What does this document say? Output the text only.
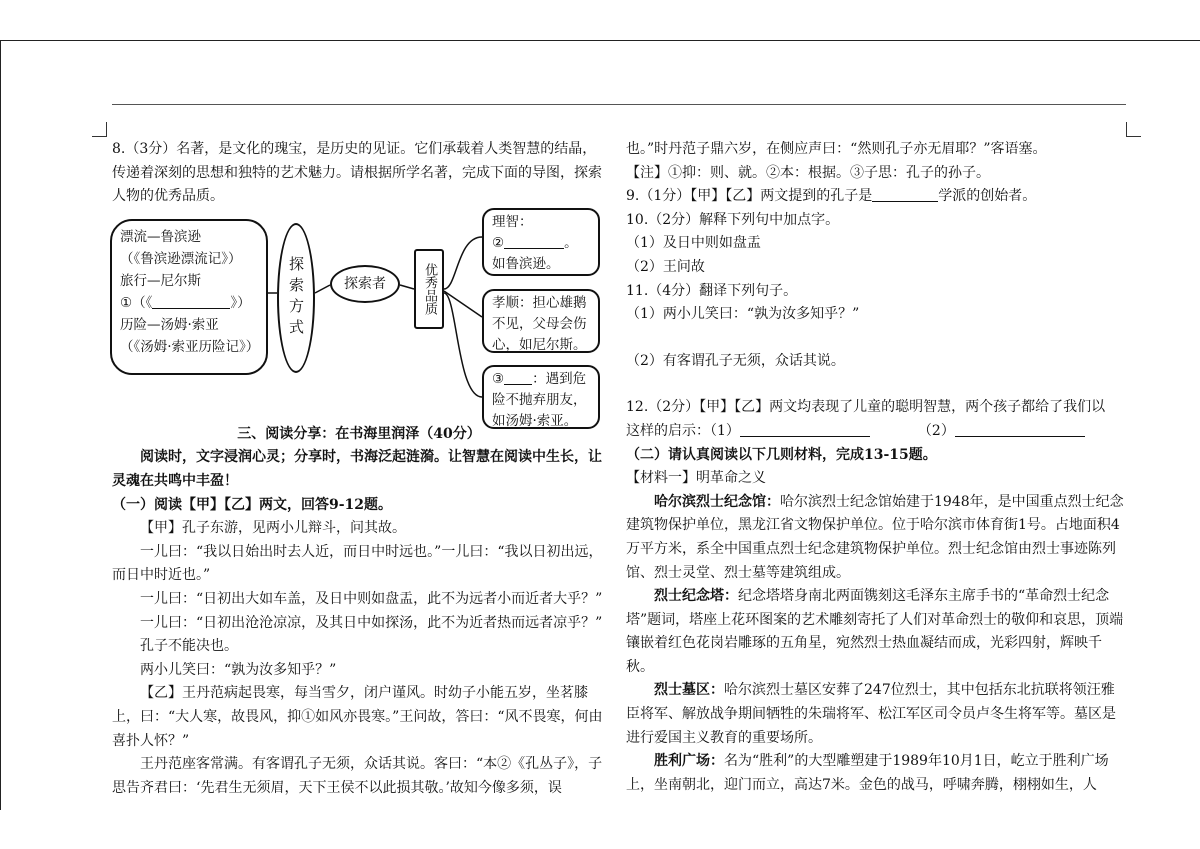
8.（3分）名著，是文化的瑰宝，是历史的见证。它们承载着人类智慧的结晶，传递着深刻的思想和独特的艺术魅力。请根据所学名著，完成下面的导图，探索人物的优秀品质。

漂流—鲁滨逊
（《鲁滨逊漂流记》）
旅行—尼尔斯
①（《	》）
历险—汤姆·索亚
（《汤姆·索亚历险记》）
探索方式	探索者	优秀品质
理智：
②	。
如鲁滨逊。
孝顺：担心雄鹅不见，父母会伤心，如尼尔斯。
③ ：遇到危险不抛弃朋友，如汤姆·索亚。

三、阅读分享：在书海里润泽（40分）

阅读时，文字浸润心灵；分享时，书海泛起涟漪。让智慧在阅读中生长，让灵魂在共鸣中丰盈！

（一）阅读【甲】【乙】两文，回答9-12题。

【甲】孔子东游，见两小儿辩斗，问其故。

一儿曰：“我以日始出时去人近，而日中时远也。”一儿曰：“我以日初出远，而日中时近也。”

一儿曰：“日初出大如车盖，及日中则如盘盂，此不为远者小而近者大乎？”

一儿曰：“日初出沧沧凉凉，及其日中如探汤，此不为近者热而远者凉乎？”

孔子不能决也。

两小儿笑曰：“孰为汝多知乎？”

【乙】王丹范病起畏寒，每当雪夕，闭户谨风。时幼子小能五岁，坐茗膝上，曰：“大人寒，故畏风，抑①如风亦畏寒。”王问故，答曰：“风不畏寒，何由喜扑人怀？”

王丹范座客常满。有客谓孔子无须，众话其说。客曰：“本②《孔丛子》，子思告齐君曰：‘先君生无须眉，天下王侯不以此损其敬。’故知今像多须，误

也。”时丹范子鼎六岁，在侧应声曰：“然则孔子亦无眉耶？”客语塞。

【注】①抑：则、就。②本：根据。③子思：孔子的孙子。

9.（1分）【甲】【乙】两文提到的孔子是	学派的创始者。

10.（2分）解释下列句中加点字。

（1）及日中则如盘盂

（2）王问故

11.（4分）翻译下列句子。

（1）两小儿笑曰：“孰为汝多知乎？”

（2）有客谓孔子无须，众话其说。

12.（2分）【甲】【乙】两文均表现了儿童的聪明智慧，两个孩子都给了我们以

这样的启示：（1）	（2）

（二）请认真阅读以下几则材料，完成13-15题。

【材料一】明革命之义

哈尔滨烈士纪念馆：哈尔滨烈士纪念馆始建于1948年，是中国重点烈士纪念建筑物保护单位，黑龙江省文物保护单位。位于哈尔滨市体育街1号。占地面积4万平方米，系全中国重点烈士纪念建筑物保护单位。烈士纪念馆由烈士事迹陈列馆、烈士灵堂、烈士墓等建筑组成。

烈士纪念塔：纪念塔塔身南北两面镌刻这毛泽东主席手书的“革命烈士纪念塔”题词，塔座上花环图案的艺术雕刻寄托了人们对革命烈士的敬仰和哀思，顶端镶嵌着红色花岗岩雕琢的五角星，宛然烈士热血凝结而成，光彩四射，辉映千秋。

烈士墓区：哈尔滨烈士墓区安葬了247位烈士，其中包括东北抗联将领汪雅臣将军、解放战争期间牺牲的朱瑞将军、松江军区司令员卢冬生将军等。墓区是进行爱国主义教育的重要场所。

胜利广场：名为“胜利”的大型雕塑建于1989年10月1日，屹立于胜利广场上，坐南朝北，迎门而立，高达7米。金色的战马，呼啸奔腾，栩栩如生，人
